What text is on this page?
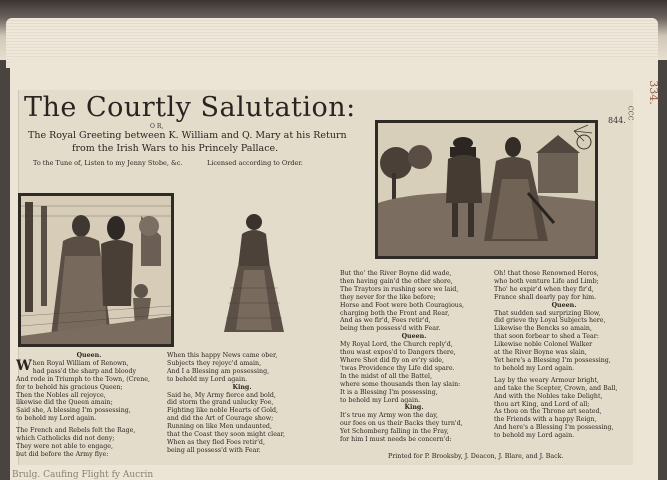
The Courtly Salutation:	334.
ccc
844.
O R,
The Royal Greeting between K. William and Q. Mary at his Return
from the Irish Wars to his Princely Pallace.
To the Tune of, Listen to my Jenny Stobe, &c.	Licensed according to Order.
Queen.
W hen Royal William of Renown,
had pass'd the sharp and bloody
And rode in Triumph to the Town, (Crene,
for to behold his gracious Queen;
Then the Nobles all rejoyce,
likewise did the Queen amain;
Said she, A blessing I'm possessing,
to behold my Lord again.
The French and Rebels felt the Rage,
which Catholicks did not deny;
They were not able to engage,
but did before the Army flye:
When this happy News came ober,
Subjects they rejoyc'd amain,
And I a Blessing am possessing,
to behold my Lord again.
King.
Said he, My Army fierce and bold,
did storm the grand unlucky Foe,
Fighting like noble Hearts of Gold,
and did the Art of Courage show;
Running on like Men undaunted,
that the Coast they soon might clear,
When as they fled Foes retir'd,
being all possess'd with Fear.
But tho' the River Boyne did wade,
then having gain'd the other shore,
The Traytors in rushing sore we laid,
they never for the like before;
Horse and Foot were both Couragious,
charging both the Front and Rear,
And as we fir'd, Foes retir'd,
being then possess'd with Fear.
Queen.
My Royal Lord, the Church reply'd,
thou wast expos'd to Dangers there,
Where Shot did fly on ev'ry side,
'twas Providence thy Life did spare.
In the midst of all the Battel,
where some thousands then lay slain:
It is a Blessing I'm possessing,
to behold my Lord again.
King.
It's true my Army won the day,
our foes on us their Backs they turn'd,
Yet Schomberg falling in the Fray,
for him I must needs be concern'd:
Oh! that those Renowned Heros,
who both venture Life and Limb;
Tho' he expir'd when they fir'd,
France shall dearly pay for him.
Queen.
That sudden sad surprizing Blow,
did grieve thy Loyal Subjects here,
Likewise the Bencks so amain,
that soon forbear to shed a Tear:
Likewise noble Colonel Walker
at the River Boyne was slain,
Yet here's a Blessing I'm possessing,
to behold my Lord again.
Lay by the weary Armour bright,
and take the Scepter, Crown, and Ball,
And with the Nobles take Delight,
thou art King, and Lord of all;
As thou on the Throne art seated,
the Friends with a happy Reign,
And here's a Blessing I'm possessing,
to behold my Lord again.
Printed for P. Brooksby, J. Deacon, J. Blare, and J. Back.
Brulg. Caufing Flight fy Aucrin
